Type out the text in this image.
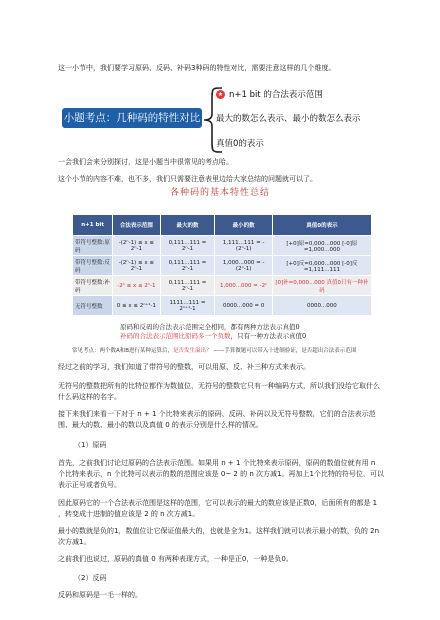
这一小节中，我们要学习原码、反码、补码3种码的特性对比，需要注意这样的几个维度。

小题考点：几种码的特性对比
★ n+1 bit 的合法表示范围
最大的数怎么表示、最小的数怎么表示
真值0的表示

一会我们会来分别探讨，这是小题当中很常见的考点哈。

这个小节的内容不难，也不多，我们只需要注意表里边给大家总结的问题就可以了。

各种码的基本特性总结
n+1 bit	合法表示范围	最大的数	最小的数	真值0的表示
带符号整数:原码	-(2ⁿ-1) ≤ x ≤ 2ⁿ-1	0,111...111 = 2ⁿ-1	1,111...111 = -(2ⁿ-1)	[+0]原=0,000...000 [-0]原=1,000...000
带符号整数:反码	-(2ⁿ-1) ≤ x ≤ 2ⁿ-1	0,111...111 = 2ⁿ-1	1,000...000 = -(2ⁿ-1)	[+0]反=0,000...000 [-0]反=1,111...111
带符号整数:补码	-2ⁿ ≤ x ≤ 2ⁿ-1	0,111...111 = 2ⁿ-1	1,000...000 = -2ⁿ	[0]补=0,000...000 真值0只有一种补码
无符号整数	0 ≤ x ≤ 2ⁿ⁺¹-1	1111...111 = 2ⁿ⁺¹-1	0000...000 = 0	0000...000
原码和反码的合法表示范围完全相同，都有两种方法表示真值0
补码的合法表示范围比原码多一个负数，只有一种方法表示真值0
常见考点：两个数A和B进行某种运算后，是否发生溢出？ ——手算做题可以带入十进制验证，是否超出合法表示范围

经过之前的学习，我们知道了带符号的整数，可以用原、反、补三种方式来表示。

无符号的整数把所有的比特位都作为数值位，无符号的整数它只有一种编码方式，所以我们没给它取什么什么码这样的名字。

接下来我们来看一下对于 n + 1 个比特来表示的原码、反码、补码以及无符号整数，它们的合法表示范围、最大的数、最小的数以及真值 0 的表示分别是什么样的情况。

（1）原码

首先，之前我们讨论过原码的合法表示范围。如果用 n + 1 个比特来表示原码，原码的数值位就有用 n 个比特来表示，n 个比特可以表示的数的范围应该是 0~ 2 的 n 次方减1。再加上1个比特的符号位，可以表示正号或者负号。

因此原码它的一个合法表示范围是这样的范围，它可以表示的最大的数应该是正数0，后面所有的都是 1 ，转变成十进制的值应该是 2 的 n 次方减1。

最小的数就是负的1，数值位让它保证值最大的，也就是全为1。这样我们就可以表示最小的数，负的 2n 次方减1。

之前我们也说过，原码的真值 0 有两种表现方式，一种是正0，一种是负0。

（2）反码

反码和原码是一毛一样的。
